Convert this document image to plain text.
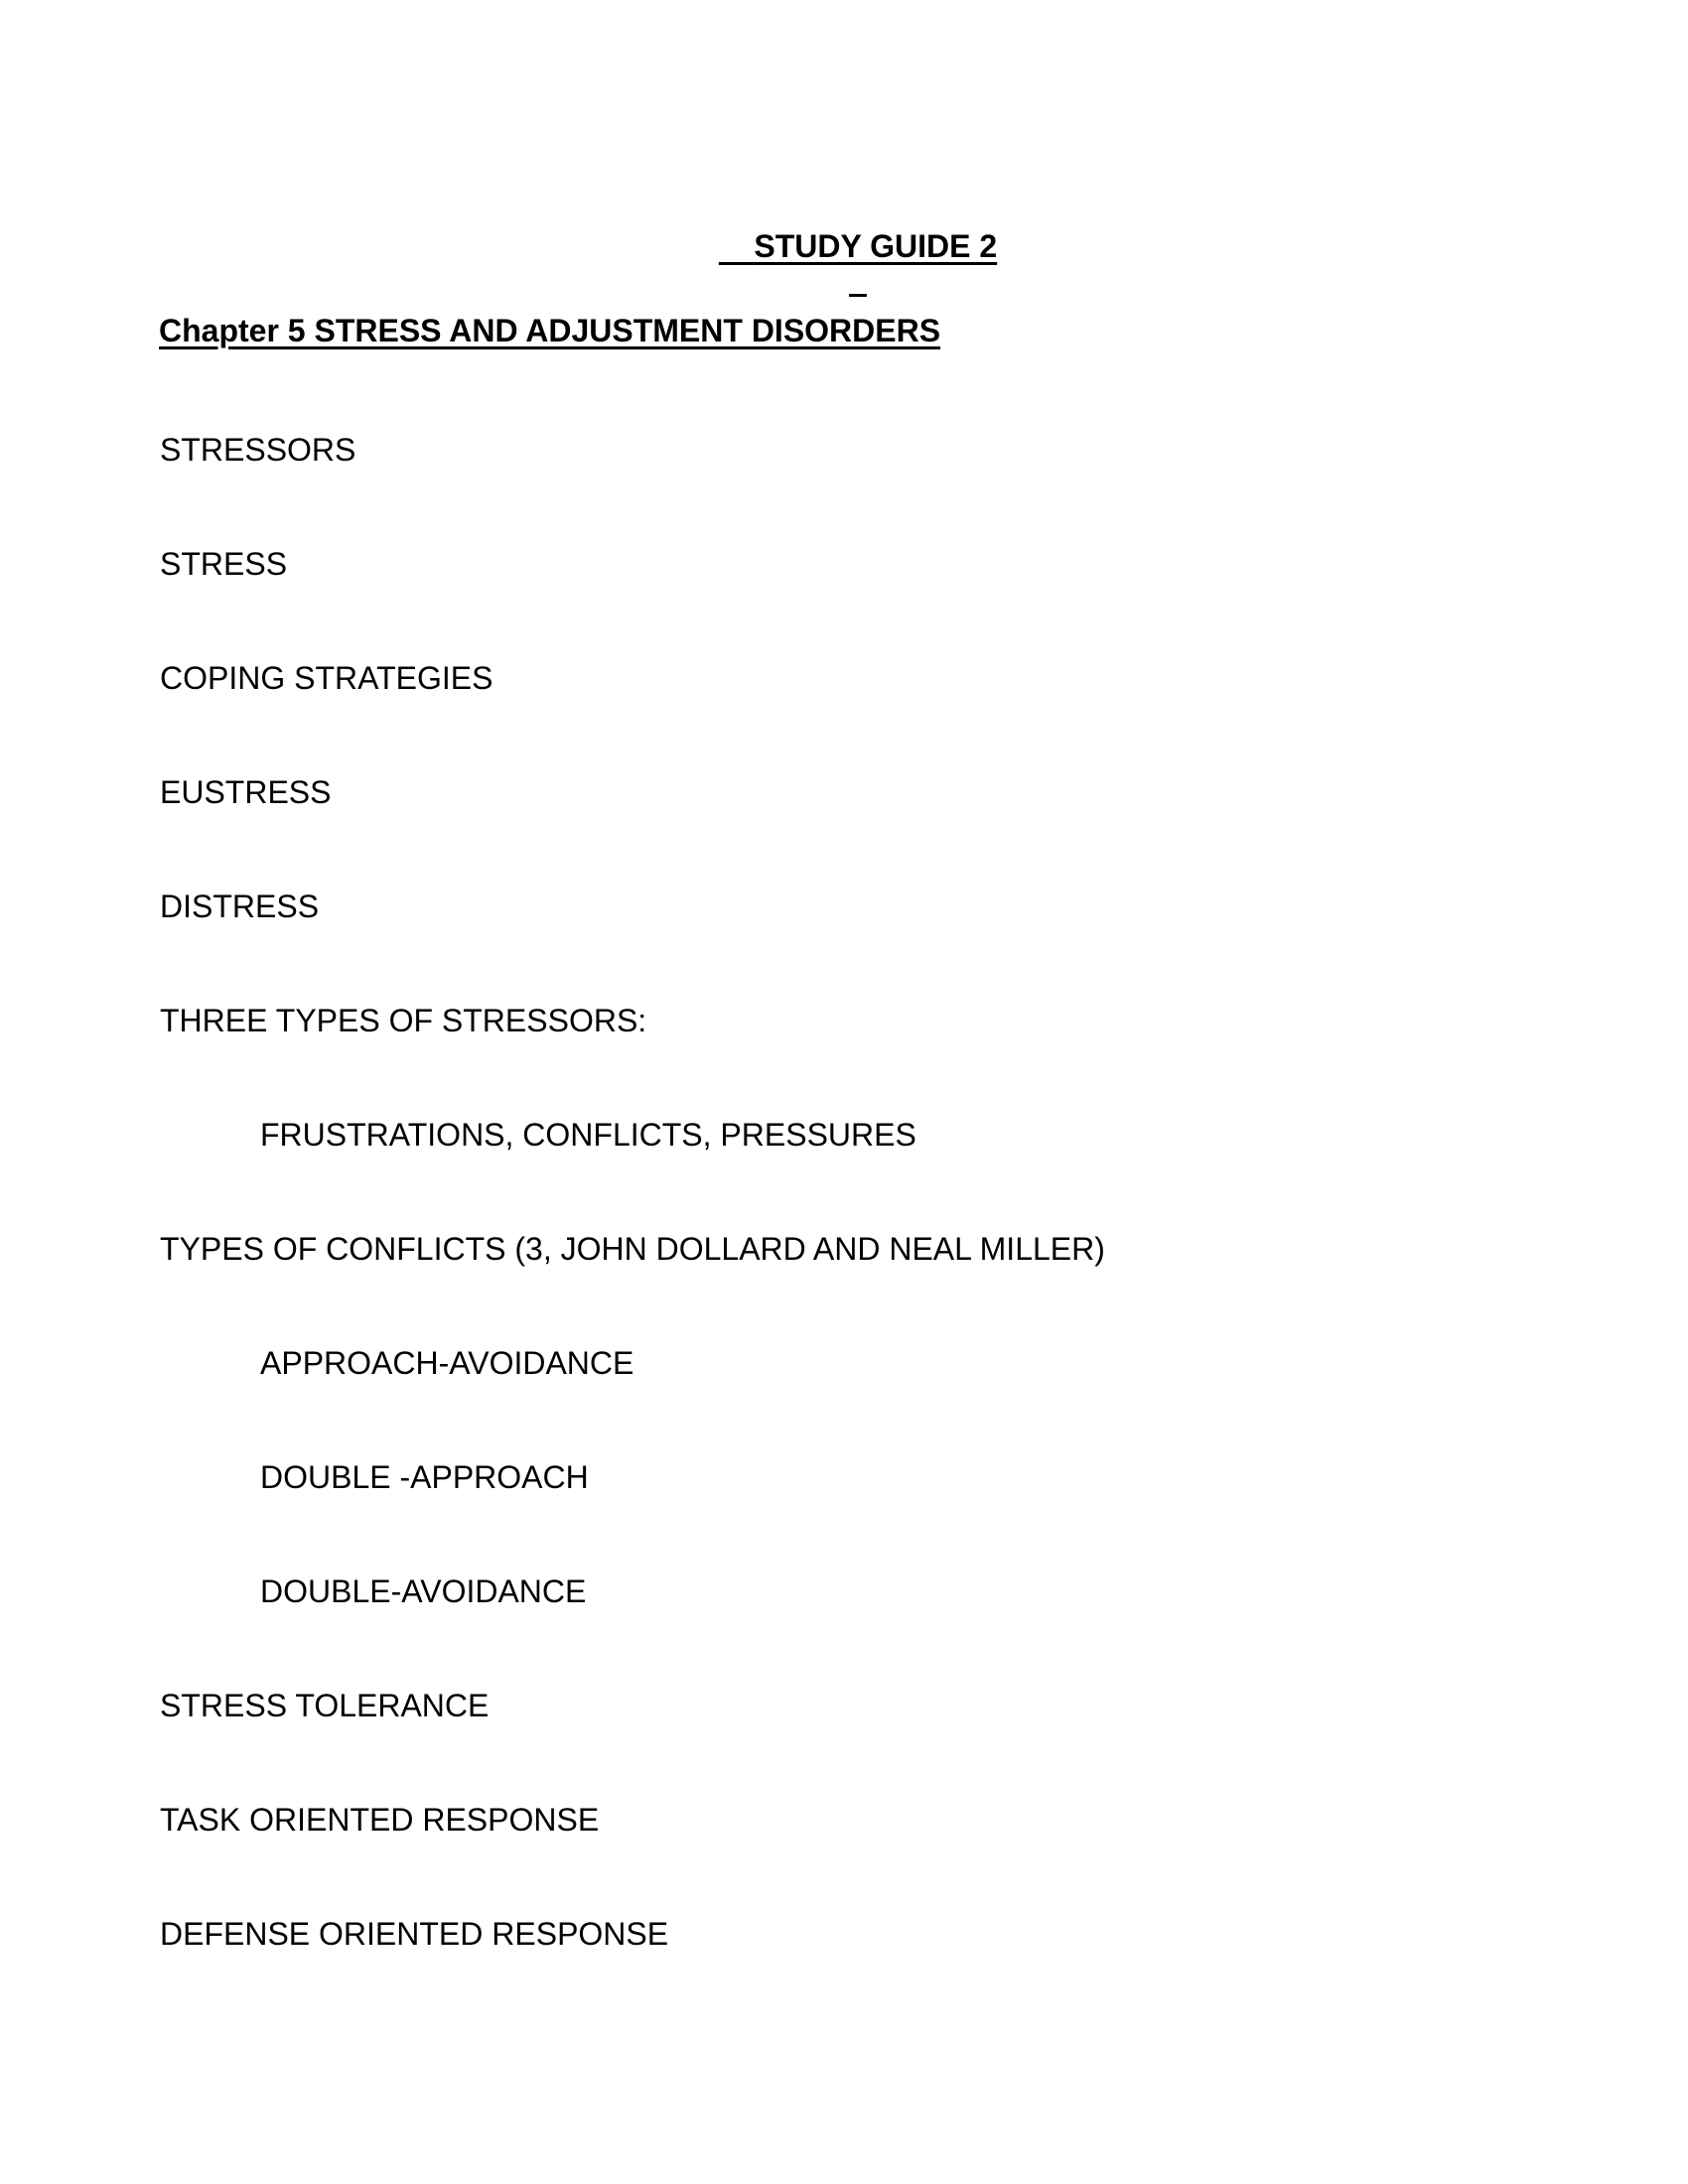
STUDY GUIDE 2

Chapter 5 STRESS AND ADJUSTMENT DISORDERS

STRESSORS

STRESS

COPING STRATEGIES

EUSTRESS

DISTRESS

THREE TYPES OF STRESSORS:

FRUSTRATIONS, CONFLICTS, PRESSURES

TYPES OF CONFLICTS (3, JOHN DOLLARD AND NEAL MILLER)

APPROACH-AVOIDANCE

DOUBLE -APPROACH

DOUBLE-AVOIDANCE

STRESS TOLERANCE

TASK ORIENTED RESPONSE

DEFENSE ORIENTED RESPONSE
